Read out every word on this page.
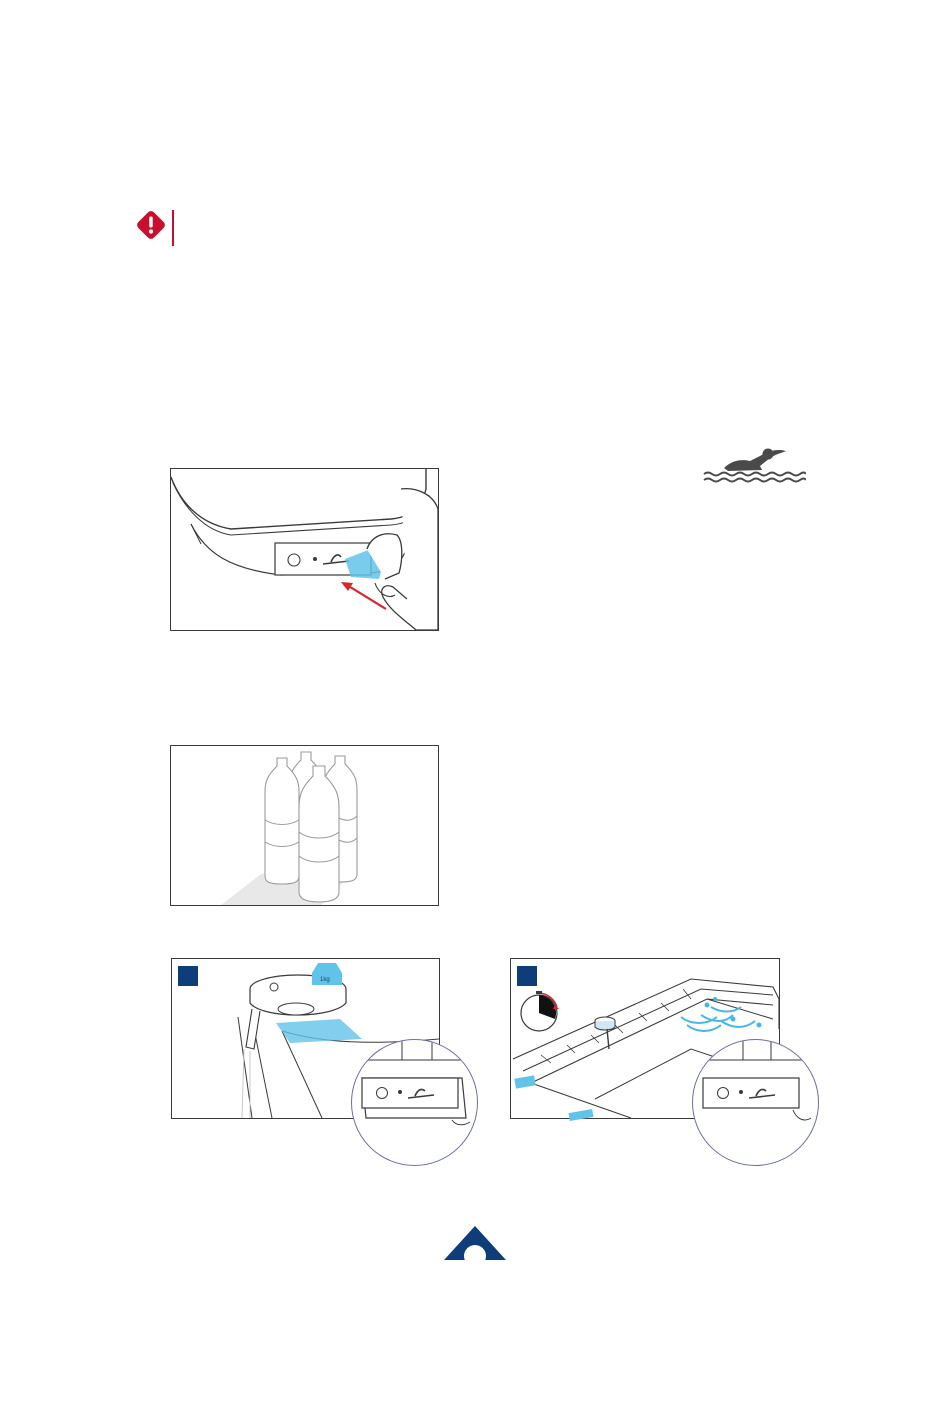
1kg
